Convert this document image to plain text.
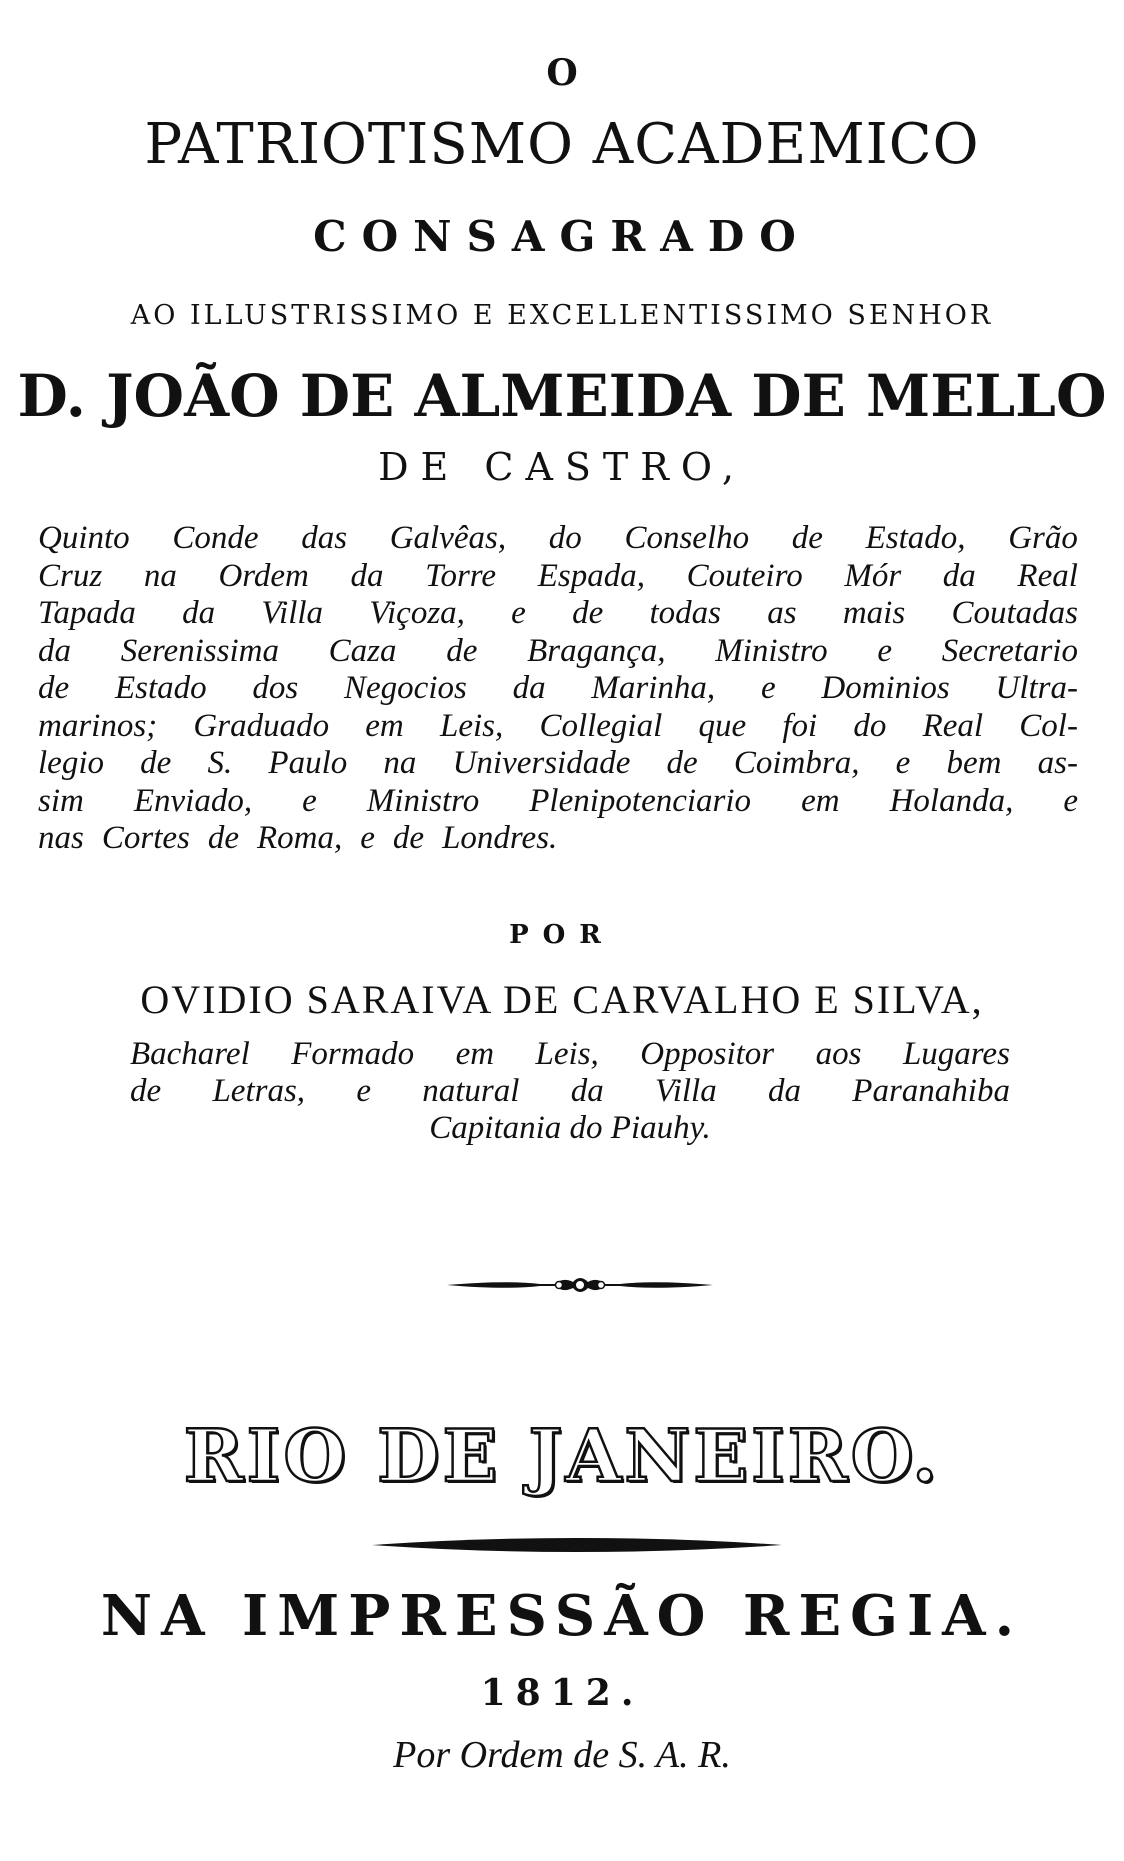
O

PATRIOTISMO ACADEMICO

CONSAGRADO

AO ILLUSTRISSIMO E EXCELLENTISSIMO SENHOR

D. JOÃO DE ALMEIDA DE MELLO

DE CASTRO,

Quinto Conde das Galvêas, do Conselho de Estado, Grão
Cruz na Ordem da Torre Espada, Couteiro Mór da Real
Tapada da Villa Viçoza, e de todas as mais Coutadas
da Serenissima Caza de Bragança, Ministro e Secretario
de Estado dos Negocios da Marinha, e Dominios Ultra-
marinos; Graduado em Leis, Collegial que foi do Real Col-
legio de S. Paulo na Universidade de Coimbra, e bem as-
sim Enviado, e Ministro Plenipotenciario em Holanda, e
nas Cortes de Roma, e de Londres.

POR

OVIDIO SARAIVA DE CARVALHO E SILVA,

Bacharel Formado em Leis, Oppositor aos Lugares
de Letras, e natural da Villa da Paranahiba
Capitania do Piauhy.

RIO DE JANEIRO.

NA IMPRESSÃO REGIA.

1812.

Por Ordem de S. A. R.
